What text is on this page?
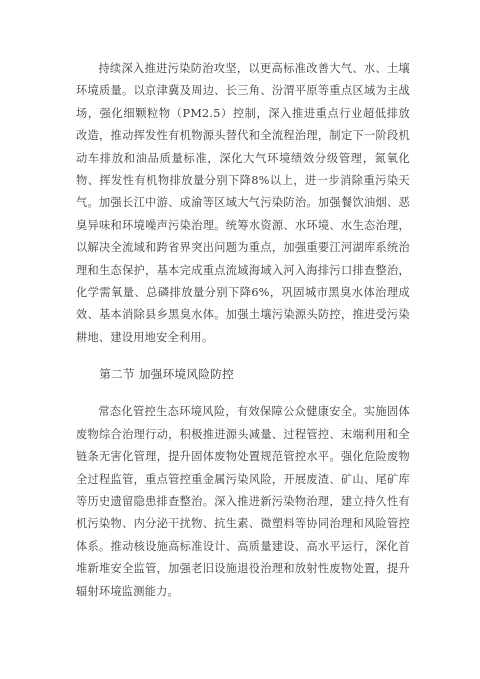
持续深入推进污染防治攻坚，以更高标准改善大气、水、土壤环境质量。以京津冀及周边、长三角、汾渭平原等重点区域为主战场，强化细颗粒物（PM2.5）控制，深入推进重点行业超低排放改造，推动挥发性有机物源头替代和全流程治理，制定下一阶段机动车排放和油品质量标准，深化大气环境绩效分级管理，氮氧化物、挥发性有机物排放量分别下降8%以上，进一步消除重污染天气。加强长江中游、成渝等区域大气污染防治。加强餐饮油烟、恶臭异味和环境噪声污染治理。统筹水资源、水环境、水生态治理，以解决全流域和跨省界突出问题为重点，加强重要江河湖库系统治理和生态保护，基本完成重点流域海域入河入海排污口排查整治，化学需氧量、总磷排放量分别下降6%，巩固城市黑臭水体治理成效、基本消除县乡黑臭水体。加强土壤污染源头防控，推进受污染耕地、建设用地安全利用。

第二节 加强环境风险防控

常态化管控生态环境风险，有效保障公众健康安全。实施固体废物综合治理行动，积极推进源头减量、过程管控、末端利用和全链条无害化管理，提升固体废物处置规范管控水平。强化危险废物全过程监管，重点管控重金属污染风险，开展废渣、矿山、尾矿库等历史遗留隐患排查整治。深入推进新污染物治理，建立持久性有机污染物、内分泌干扰物、抗生素、微塑料等协同治理和风险管控体系。推动核设施高标准设计、高质量建设、高水平运行，深化首堆新堆安全监管，加强老旧设施退役治理和放射性废物处置，提升辐射环境监测能力。
